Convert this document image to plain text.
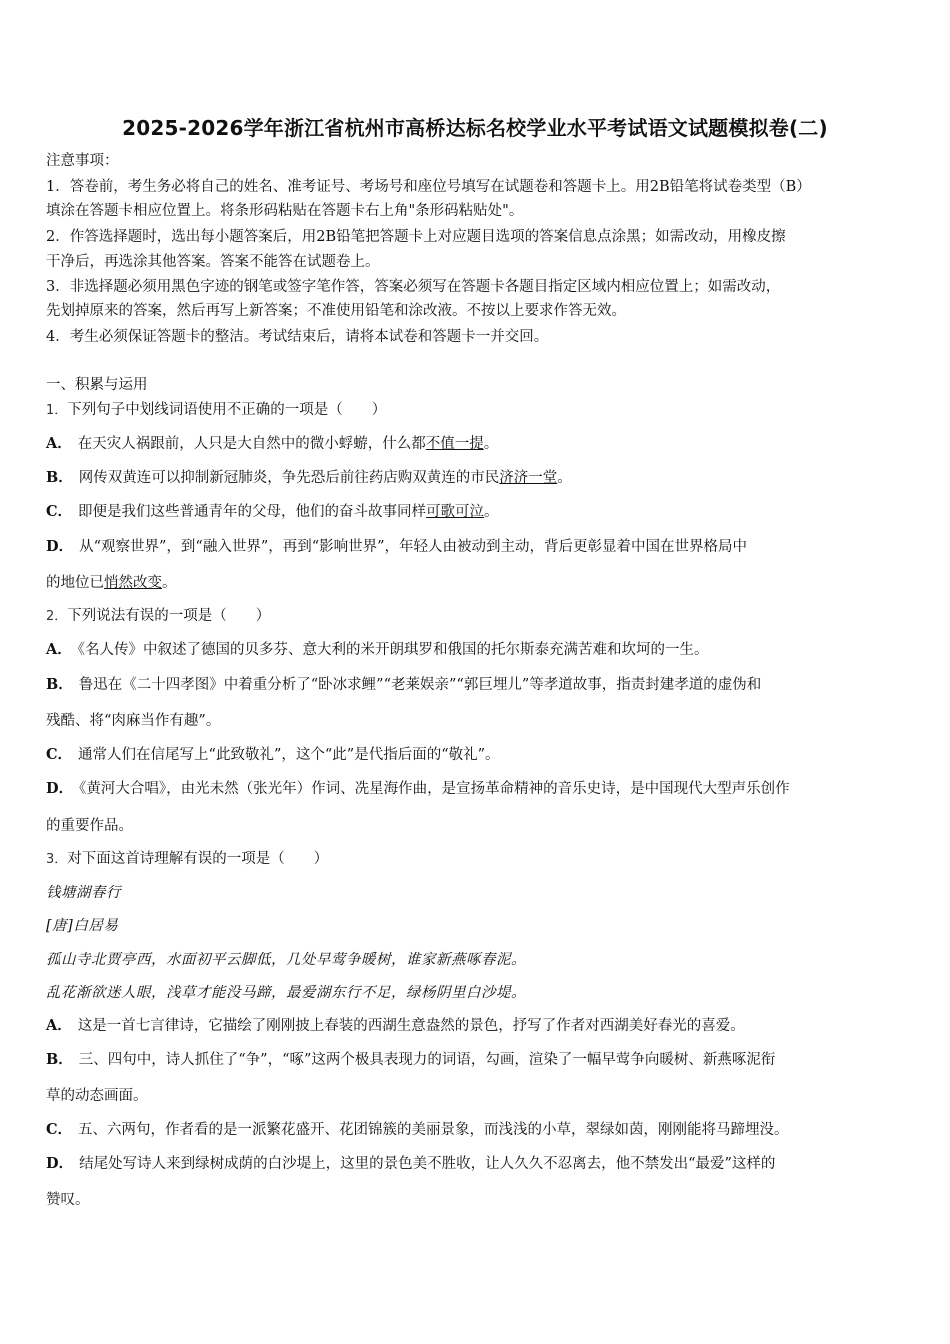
2025-2026学年浙江省杭州市高桥达标名校学业水平考试语文试题模拟卷(二)
注意事项：
1．答卷前，考生务必将自己的姓名、准考证号、考场号和座位号填写在试题卷和答题卡上。用2B铅笔将试卷类型（B）
填涂在答题卡相应位置上。将条形码粘贴在答题卡右上角"条形码粘贴处"。
2．作答选择题时，选出每小题答案后，用2B铅笔把答题卡上对应题目选项的答案信息点涂黑；如需改动，用橡皮擦
干净后，再选涂其他答案。答案不能答在试题卷上。
3．非选择题必须用黑色字迹的钢笔或签字笔作答，答案必须写在答题卡各题目指定区域内相应位置上；如需改动，
先划掉原来的答案，然后再写上新答案；不准使用铅笔和涂改液。不按以上要求作答无效。
4．考生必须保证答题卡的整洁。考试结束后，请将本试卷和答题卡一并交回。
一、积累与运用
1．下列句子中划线词语使用不正确的一项是（　　）
A． 在天灾人祸跟前，人只是大自然中的微小蜉蝣，什么都不值一提。
B． 网传双黄连可以抑制新冠肺炎，争先恐后前往药店购双黄连的市民济济一堂。
C． 即便是我们这些普通青年的父母，他们的奋斗故事同样可歌可泣。
D． 从“观察世界”，到“融入世界”，再到“影响世界”，年轻人由被动到主动，背后更彰显着中国在世界格局中
的地位已悄然改变。
2．下列说法有误的一项是（　　）
A． 《名人传》中叙述了德国的贝多芬、意大利的米开朗琪罗和俄国的托尔斯泰充满苦难和坎坷的一生。
B． 鲁迅在《二十四孝图》中着重分析了“卧冰求鲤”“老莱娱亲”“郭巨埋儿”等孝道故事，指责封建孝道的虚伪和
残酷、将“肉麻当作有趣”。
C． 通常人们在信尾写上“此致敬礼”，这个“此”是代指后面的“敬礼”。
D． 《黄河大合唱》，由光未然（张光年）作词、冼星海作曲，是宣扬革命精神的音乐史诗，是中国现代大型声乐创作
的重要作品。
3．对下面这首诗理解有误的一项是（　　）
钱塘湖春行
[唐]白居易
孤山寺北贾亭西，水面初平云脚低，几处早莺争暖树，谁家新燕啄春泥。
乱花渐欲迷人眼，浅草才能没马蹄，最爱湖东行不足，绿杨阴里白沙堤。
A． 这是一首七言律诗，它描绘了刚刚披上春装的西湖生意盎然的景色，抒写了作者对西湖美好春光的喜爱。
B． 三、四句中，诗人抓住了“争”，“啄”这两个极具表现力的词语，勾画，渲染了一幅早莺争向暖树、新燕啄泥衔
草的动态画面。
C． 五、六两句，作者看的是一派繁花盛开、花团锦簇的美丽景象，而浅浅的小草，翠绿如茵，刚刚能将马蹄埋没。
D． 结尾处写诗人来到绿树成荫的白沙堤上，这里的景色美不胜收，让人久久不忍离去，他不禁发出“最爱”这样的
赞叹。
